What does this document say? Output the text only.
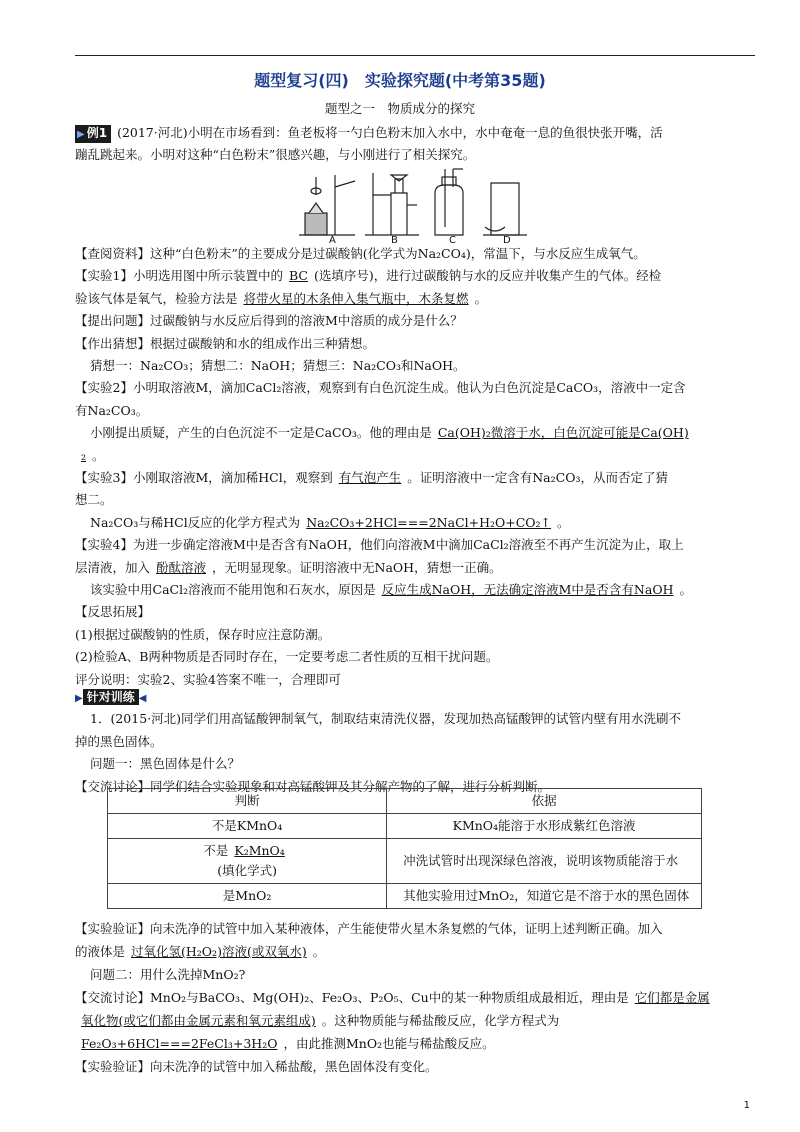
题型复习(四)　实验探究题(中考第35题)
题型之一　物质成分的探究
▶ 例1 (2017·河北)小明在市场看到：鱼老板将一勺白色粉末加入水中，水中奄奄一息的鱼很快张开嘴，活
蹦乱跳起来。小明对这种“白色粉末”很感兴趣，与小刚进行了相关探究。
A	B	C	D
【查阅资料】这种“白色粉末”的主要成分是过碳酸钠(化学式为Na₂CO₄)，常温下，与水反应生成氧气。
【实验1】小明选用图中所示装置中的 BC (选填序号)，进行过碳酸钠与水的反应并收集产生的气体。经检
验该气体是氧气，检验方法是 将带火星的木条伸入集气瓶中，木条复燃 。
【提出问题】过碳酸钠与水反应后得到的溶液M中溶质的成分是什么？
【作出猜想】根据过碳酸钠和水的组成作出三种猜想。
猜想一：Na₂CO₃；猜想二：NaOH；猜想三：Na₂CO₃和NaOH。
【实验2】小明取溶液M，滴加CaCl₂溶液，观察到有白色沉淀生成。他认为白色沉淀是CaCO₃，溶液中一定含
有Na₂CO₃。
小刚提出质疑，产生的白色沉淀不一定是CaCO₃。他的理由是 Ca(OH)₂微溶于水，白色沉淀可能是Ca(OH)
₂ 。
【实验3】小刚取溶液M，滴加稀HCl，观察到 有气泡产生 。证明溶液中一定含有Na₂CO₃，从而否定了猜
想二。
Na₂CO₃与稀HCl反应的化学方程式为 Na₂CO₃+2HCl===2NaCl+H₂O+CO₂↑ 。
【实验4】为进一步确定溶液M中是否含有NaOH，他们向溶液M中滴加CaCl₂溶液至不再产生沉淀为止，取上
层清液，加入 酚酞溶液 ，无明显现象。证明溶液中无NaOH，猜想一正确。
该实验中用CaCl₂溶液而不能用饱和石灰水，原因是 反应生成NaOH，无法确定溶液M中是否含有NaOH 。
【反思拓展】
(1)根据过碳酸钠的性质，保存时应注意防潮。
(2)检验A、B两种物质是否同时存在，一定要考虑二者性质的互相干扰问题。
评分说明：实验2、实验4答案不唯一，合理即可
▶ 针对训练 ◀
1．(2015·河北)同学们用高锰酸钾制氧气，制取结束清洗仪器，发现加热高锰酸钾的试管内壁有用水洗刷不
掉的黑色固体。
问题一：黑色固体是什么？
【交流讨论】同学们结合实验现象和对高锰酸钾及其分解产物的了解，进行分析判断。
判断	依据
不是KMnO₄	KMnO₄能溶于水形成紫红色溶液
不是 K₂MnO₄
(填化学式)	冲洗试管时出现深绿色溶液，说明该物质能溶于水
是MnO₂	其他实验用过MnO₂，知道它是不溶于水的黑色固体
【实验验证】向未洗净的试管中加入某种液体，产生能使带火星木条复燃的气体，证明上述判断正确。加入
的液体是 过氧化氢(H₂O₂)溶液(或双氧水) 。
问题二：用什么洗掉MnO₂?
【交流讨论】MnO₂与BaCO₃、Mg(OH)₂、Fe₂O₃、P₂O₅、Cu中的某一种物质组成最相近，理由是 它们都是金属
氧化物(或它们都由金属元素和氧元素组成) 。这种物质能与稀盐酸反应，化学方程式为
Fe₂O₃+6HCl===2FeCl₃+3H₂O ，由此推测MnO₂也能与稀盐酸反应。
【实验验证】向未洗净的试管中加入稀盐酸，黑色固体没有变化。
1
